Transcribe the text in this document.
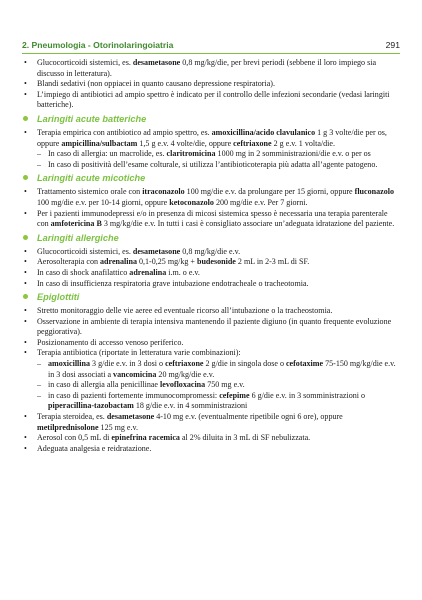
2. Pneumologia - Otorinolaringoiatria	291
• Glucocorticoidi sistemici, es. desametasone 0,8 mg/kg/die, per brevi periodi (sebbene il loro impiego sia discusso in letteratura).
• Blandi sedativi (non oppiacei in quanto causano depressione respiratoria).
• L’impiego di antibiotici ad ampio spettro è indicato per il controllo delle infezioni secondarie (vedasi laringiti batteriche).
Laringiti acute batteriche
• Terapia empirica con antibiotico ad ampio spettro, es. amoxicillina/acido clavulanico 1 g 3 volte/die per os, oppure ampicillina/sulbactam 1,5 g e.v. 4 volte/die, oppure ceftriaxone 2 g e.v. 1 volta/die.
– In caso di allergia: un macrolide, es. claritromicina 1000 mg in 2 somministrazioni/die e.v. o per os
– In caso di positività dell’esame colturale, si utilizza l’antibioticoterapia più adatta all’agente patogeno.
Laringiti acute micotiche
• Trattamento sistemico orale con itraconazolo 100 mg/die e.v. da prolungare per 15 giorni, oppure fluconazolo 100 mg/die e.v. per 10-14 giorni, oppure ketoconazolo 200 mg/die e.v. Per 7 giorni.
• Per i pazienti immunodepressi e/o in presenza di micosi sistemica spesso è necessaria una terapia parenterale con amfotericina B 3 mg/kg/die e.v. In tutti i casi è consigliato associare un’adeguata idratazione del paziente.
Laringiti allergiche
• Glucocorticoidi sistemici, es. desametasone 0,8 mg/kg/die e.v.
• Aerosolterapia con adrenalina 0,1-0,25 mg/kg + budesonide 2 mL in 2-3 mL di SF.
• In caso di shock anafilattico adrenalina i.m. o e.v.
• In caso di insufficienza respiratoria grave intubazione endotracheale o tracheotomia.
Epiglottiti
• Stretto monitoraggio delle vie aeree ed eventuale ricorso all’intubazione o la tracheostomia.
• Osservazione in ambiente di terapia intensiva mantenendo il paziente digiuno (in quanto frequente evoluzione peggiorativa).
• Posizionamento di accesso venoso periferico.
• Terapia antibiotica (riportate in letteratura varie combinazioni):
– amoxicillina 3 g/die e.v. in 3 dosi o ceftriaxone 2 g/die in singola dose o cefotaxime 75-150 mg/kg/die e.v. in 3 dosi associati a vancomicina 20 mg/kg/die e.v.
– in caso di allergia alla penicillinae levofloxacina 750 mg e.v.
– in caso di pazienti fortemente immunocompromessi: cefepime 6 g/die e.v. in 3 somministrazioni o piperacillina-tazobactam 18 g/die e.v. in 4 somministrazioni
• Terapia steroidea, es. desametasone 4-10 mg e.v. (eventualmente ripetibile ogni 6 ore), oppure metilprednisolone 125 mg e.v.
• Aerosol con 0,5 mL di epinefrina racemica al 2% diluita in 3 mL di SF nebulizzata.
• Adeguata analgesia e reidratazione.
